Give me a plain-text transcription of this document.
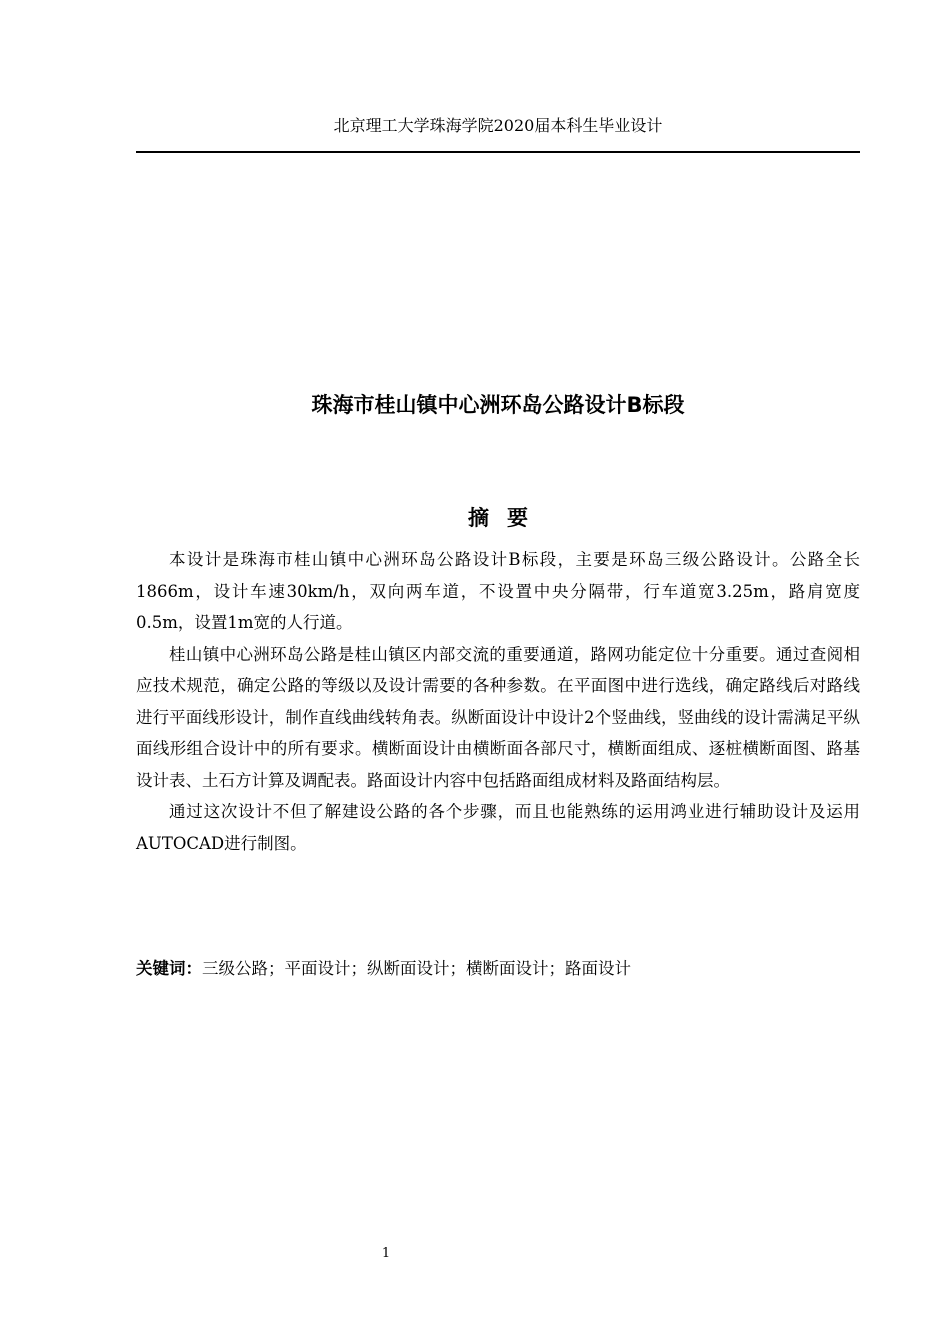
北京理工大学珠海学院2020届本科生毕业设计
珠海市桂山镇中心洲环岛公路设计B标段
摘要

本设计是珠海市桂山镇中心洲环岛公路设计B标段，主要是环岛三级公路设计。公路全长1866m，设计车速30km/h，双向两车道，不设置中央分隔带，行车道宽3.25m，路肩宽度0.5m，设置1m宽的人行道。

桂山镇中心洲环岛公路是桂山镇区内部交流的重要通道，路网功能定位十分重要。通过查阅相应技术规范，确定公路的等级以及设计需要的各种参数。在平面图中进行选线，确定路线后对路线进行平面线形设计，制作直线曲线转角表。纵断面设计中设计2个竖曲线，竖曲线的设计需满足平纵面线形组合设计中的所有要求。横断面设计由横断面各部尺寸，横断面组成、逐桩横断面图、路基设计表、土石方计算及调配表。路面设计内容中包括路面组成材料及路面结构层。

通过这次设计不但了解建设公路的各个步骤，而且也能熟练的运用鸿业进行辅助设计及运用AUTOCAD进行制图。

关键词：三级公路；平面设计；纵断面设计；横断面设计；路面设计
1
